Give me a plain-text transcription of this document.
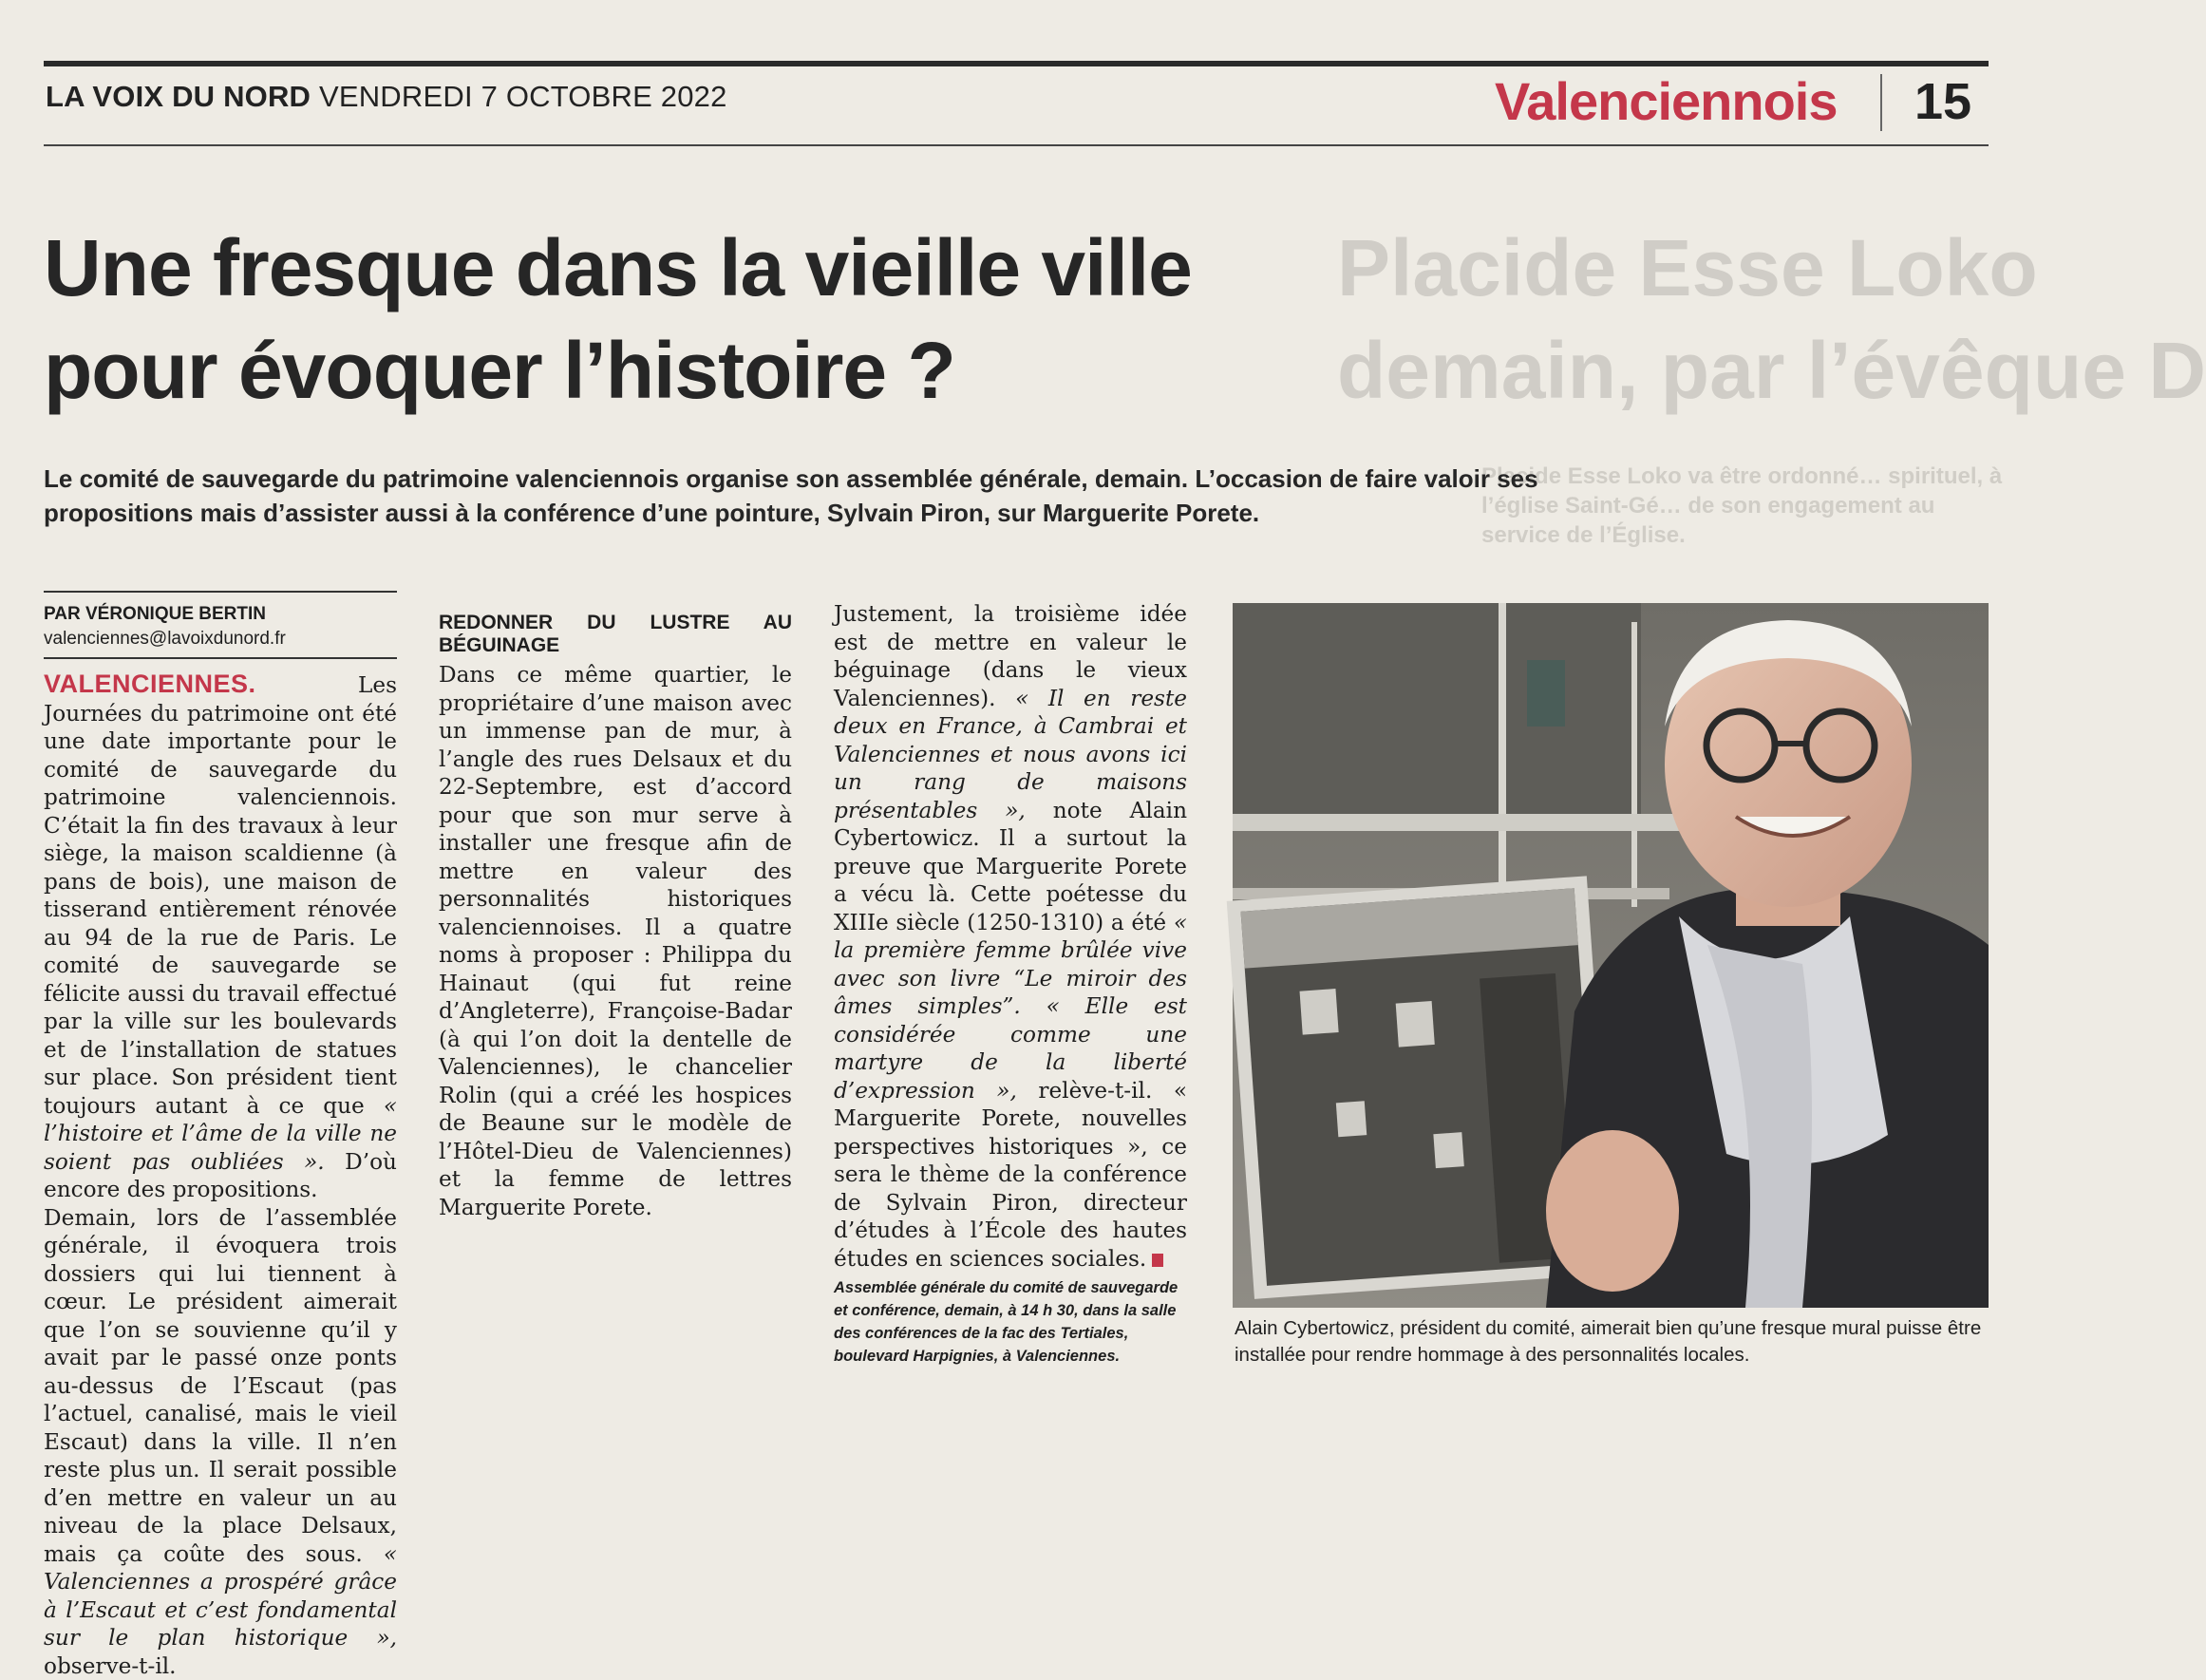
LA VOIX DU NORD VENDREDI 7 OCTOBRE 2022	Valenciennois 15
Placide Esse Loko
demain, par l’évêque D
Placide Esse Loko va être ordonné… spirituel, à l’église Saint-Gé… de son engagement au service de l’Église.
Une fresque dans la vieille ville
pour évoquer l’histoire ?
Le comité de sauvegarde du patrimoine valenciennois organise son assemblée générale, demain. L’occasion de faire valoir ses propositions mais d’assister aussi à la conférence d’une pointure, Sylvain Piron, sur Marguerite Porete.
PAR VÉRONIQUE BERTIN
valenciennes@lavoixdunord.fr

VALENCIENNES.	Les Journées du patrimoine ont été une date importante pour le comité de sauvegarde du patrimoine valenciennois. C’était la fin des travaux à leur siège, la maison scaldienne (à pans de bois), une maison de tisserand entièrement rénovée au 94 de la rue de Paris. Le comité de sauvegarde se félicite aussi du travail effectué par la ville sur les boulevards et de l’installation de statues sur place. Son président tient toujours autant à ce que « l’histoire et l’âme de la ville ne soient pas oubliées ». D’où encore des propositions.

Demain, lors de l’assemblée générale, il évoquera trois dossiers qui lui tiennent à cœur. Le président aimerait que l’on se souvienne qu’il y avait par le passé onze ponts au-dessus de l’Escaut (pas l’actuel, canalisé, mais le vieil Escaut) dans la ville. Il n’en reste plus un. Il serait possible d’en mettre en valeur un au niveau de la place Delsaux, mais ça coûte des sous. « Valenciennes a prospéré grâce à l’Escaut et c’est fondamental sur le plan historique », observe-t-il.

REDONNER DU LUSTRE AU BÉGUINAGE

Dans ce même quartier, le propriétaire d’une maison avec un immense pan de mur, à l’angle des rues Delsaux et du 22-Septembre, est d’accord pour que son mur serve à installer une fresque afin de mettre en valeur des personnalités historiques valenciennoises. Il a quatre noms à proposer : Philippa du Hainaut (qui fut reine d’Angleterre), Françoise-Badar (à qui l’on doit la dentelle de Valenciennes), le chancelier Rolin (qui a créé les hospices de Beaune sur le modèle de l’Hôtel-Dieu de Valenciennes) et la femme de lettres Marguerite Porete.

Justement, la troisième idée est de mettre en valeur le béguinage (dans le vieux Valenciennes). « Il en reste deux en France, à Cambrai et Valenciennes et nous avons ici un rang de maisons présentables », note Alain Cybertowicz. Il a surtout la preuve que Marguerite Porete a vécu là. Cette poétesse du XIIIe siècle (1250-1310) a été « la première femme brûlée vive avec son livre “Le miroir des âmes simples”. « Elle est considérée comme une martyre de la liberté d’expression », relève-t-il. « Marguerite Porete, nouvelles perspectives historiques », ce sera le thème de la conférence de Sylvain Piron, directeur d’études à l’École des hautes études en sciences sociales.

Assemblée générale du comité de sauvegarde et conférence, demain, à 14 h 30, dans la salle des conférences de la fac des Tertiales, boulevard Harpignies, à Valenciennes.
Alain Cybertowicz, président du comité, aimerait bien qu’une fresque mural puisse être installée pour rendre hommage à des personnalités locales.
